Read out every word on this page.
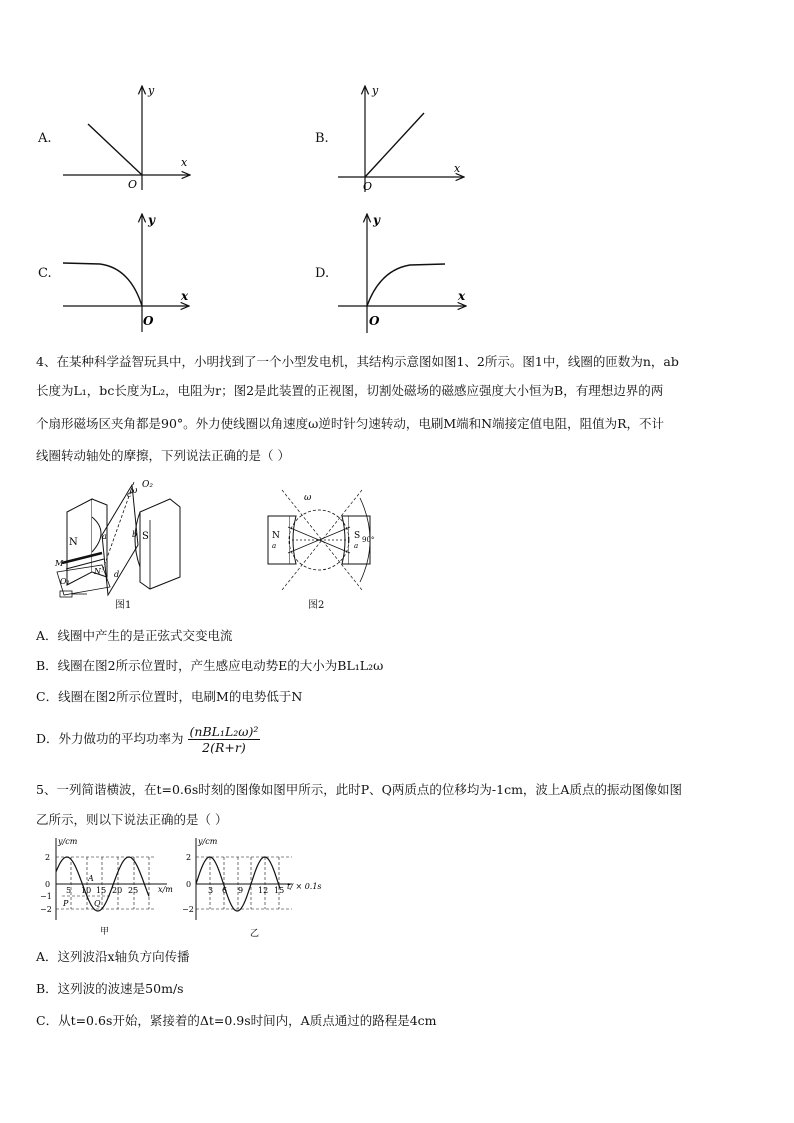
A.
x
y
O
B.
x
y
O
C.
x
y
O
D.
x
y
O
4、在某种科学益智玩具中，小明找到了一个小型发电机，其结构示意图如图1、2所示。图1中，线圈的匝数为n，ab
长度为L₁，bc长度为L₂，电阻为r；图2是此装置的正视图，切割处磁场的磁感应强度大小恒为B，有理想边界的两
个扇形磁场区夹角都是90°。外力使线圈以角速度ω逆时针匀速转动，电刷M端和N端接定值电阻，阻值为R，不计
线圈转动轴处的摩擦，下列说法正确的是（ ）
N
S
O₂
ω
a
c
b
d
M
N
O₁
图1
N
a
S
a
ω
90°
图2
A．线圈中产生的是正弦式交变电流
B．线圈在图2所示位置时，产生感应电动势E的大小为BL₁L₂ω
C．线圈在图2所示位置时，电刷M的电势低于N
D．外力做功的平均功率为 $\frac{\text{(nBL₁L₂ω)²}}{2(R+r)}$
5、一列简谐横波，在t=0.6s时刻的图像如图甲所示，此时P、Q两质点的位移均为-1cm，波上A质点的振动图像如图
乙所示，则以下说法正确的是（ ）
y/cm
x/m
2
0
−1
−2
5 10 15 20 25
A
P	Q
甲
y/cm
t/ × 0.1s
2
0
−2
3 6 9 12 15
乙
A．这列波沿x轴负方向传播
B．这列波的波速是50m/s
C．从t=0.6s开始，紧接着的Δt=0.9s时间内，A质点通过的路程是4cm
